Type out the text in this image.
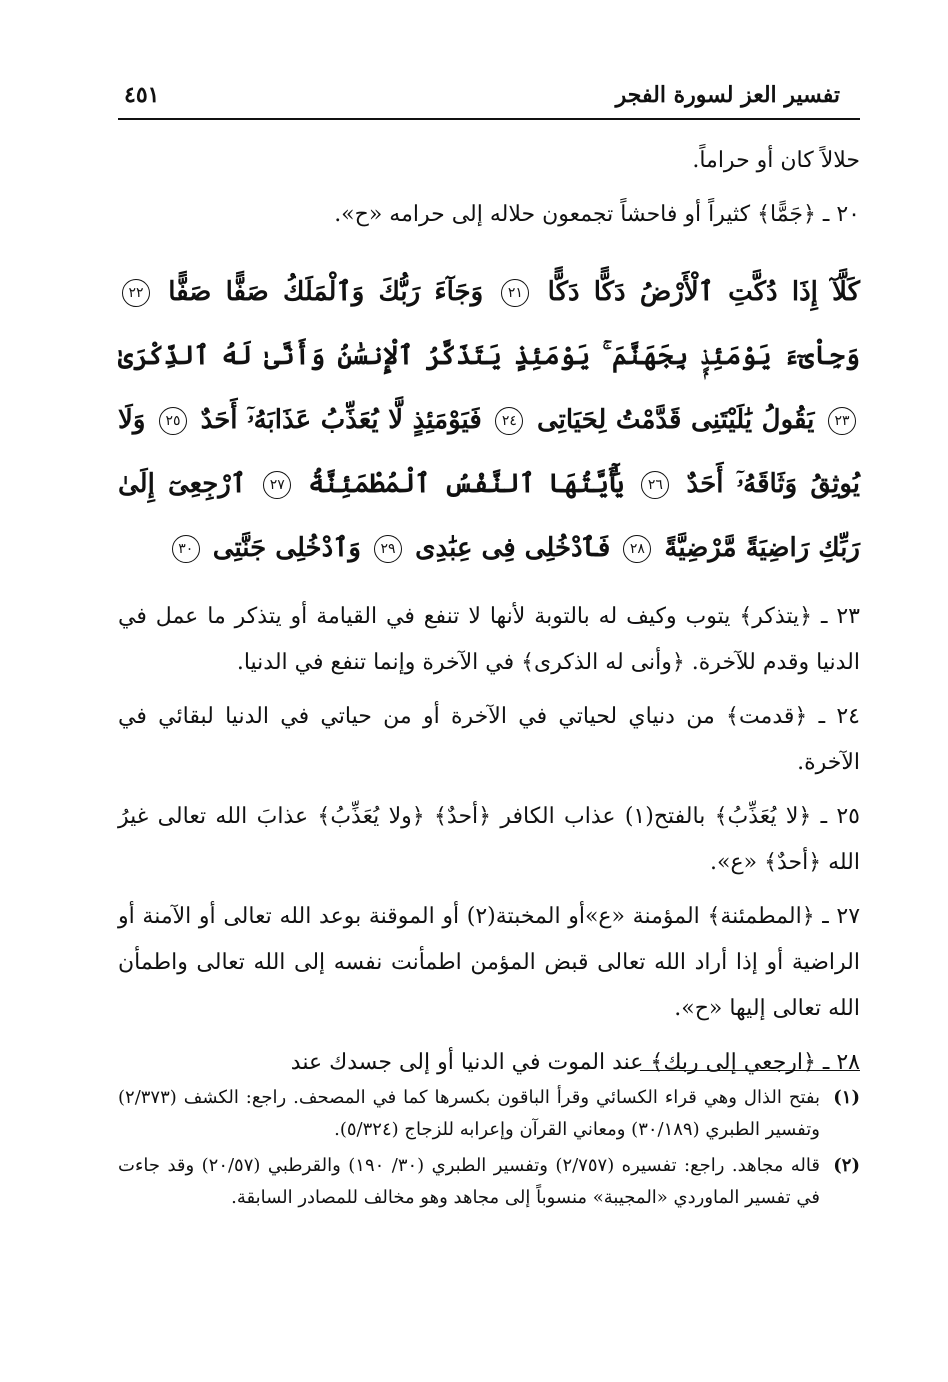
تفسير العز لسورة الفجر
٤٥١

حلالاً كان أو حراماً.

٢٠ ـ ﴿جَمًّا﴾ كثيراً أو فاحشاً تجمعون حلاله إلى حرامه «ح».

كَلَّآ إِذَا دُكَّتِ ٱلْأَرْضُ دَكًّا دَكًّا ٢١ وَجَآءَ رَبُّكَ وَٱلْمَلَكُ صَفًّا صَفًّا ٢٢ وَجِاْىٓءَ يَوْمَئِذٍۭ بِجَهَنَّمَ ۚ يَوْمَئِذٍ يَتَذَكَّرُ ٱلْإِنسَٰنُ وَأَنَّىٰ لَهُ ٱلذِّكْرَىٰ ٢٣ يَقُولُ يَٰلَيْتَنِى قَدَّمْتُ لِحَيَاتِى ٢٤ فَيَوْمَئِذٍ لَّا يُعَذِّبُ عَذَابَهُۥٓ أَحَدٌ ٢٥ وَلَا يُوثِقُ وَثَاقَهُۥٓ أَحَدٌ ٢٦ يَٰٓأَيَّتُهَا ٱلنَّفْسُ ٱلْمُطْمَئِنَّةُ ٢٧ ٱرْجِعِىٓ إِلَىٰ رَبِّكِ رَاضِيَةً مَّرْضِيَّةً ٢٨ فَٱدْخُلِى فِى عِبَٰدِى ٢٩ وَٱدْخُلِى جَنَّتِى ٣٠

٢٣ ـ ﴿يتذكر﴾ يتوب وكيف له بالتوبة لأنها لا تنفع في القيامة أو يتذكر ما عمل في الدنيا وقدم للآخرة. ﴿وأنى له الذكرى﴾ في الآخرة وإنما تنفع في الدنيا.

٢٤ ـ ﴿قدمت﴾ من دنياي لحياتي في الآخرة أو من حياتي في الدنيا لبقائي في الآخرة.

٢٥ ـ ﴿لا يُعَذِّبُ﴾ بالفتح(١) عذاب الكافر ﴿أحدٌ﴾ ﴿ولا يُعَذِّبُ﴾ عذابَ الله تعالى غيرُ الله ﴿أحدٌ﴾ «ع».

٢٧ ـ ﴿المطمئنة﴾ المؤمنة «ع»أو المخبتة(٢) أو الموقنة بوعد الله تعالى أو الآمنة أو الراضية أو إذا أراد الله تعالى قبض المؤمن اطمأنت نفسه إلى الله تعالى واطمأن الله تعالى إليها «ح».

٢٨ ـ ﴿ارجعي إلى ربك﴾ عند الموت في الدنيا أو إلى جسدك عند

(١)
بفتح الذال وهي قراء الكسائي وقرأ الباقون بكسرها كما في المصحف. راجع: الكشف (٢/٣٧٣) وتفسير الطبري (٣٠/١٨٩) ومعاني القرآن وإعرابه للزجاج (٥/٣٢٤).
(٢)
قاله مجاهد. راجع: تفسيره (٢/٧٥٧) وتفسير الطبري (٣٠/ ١٩٠) والقرطبي (٢٠/٥٧) وقد جاءت في تفسير الماوردي «المجيبة» منسوباً إلى مجاهد وهو مخالف للمصادر السابقة.
